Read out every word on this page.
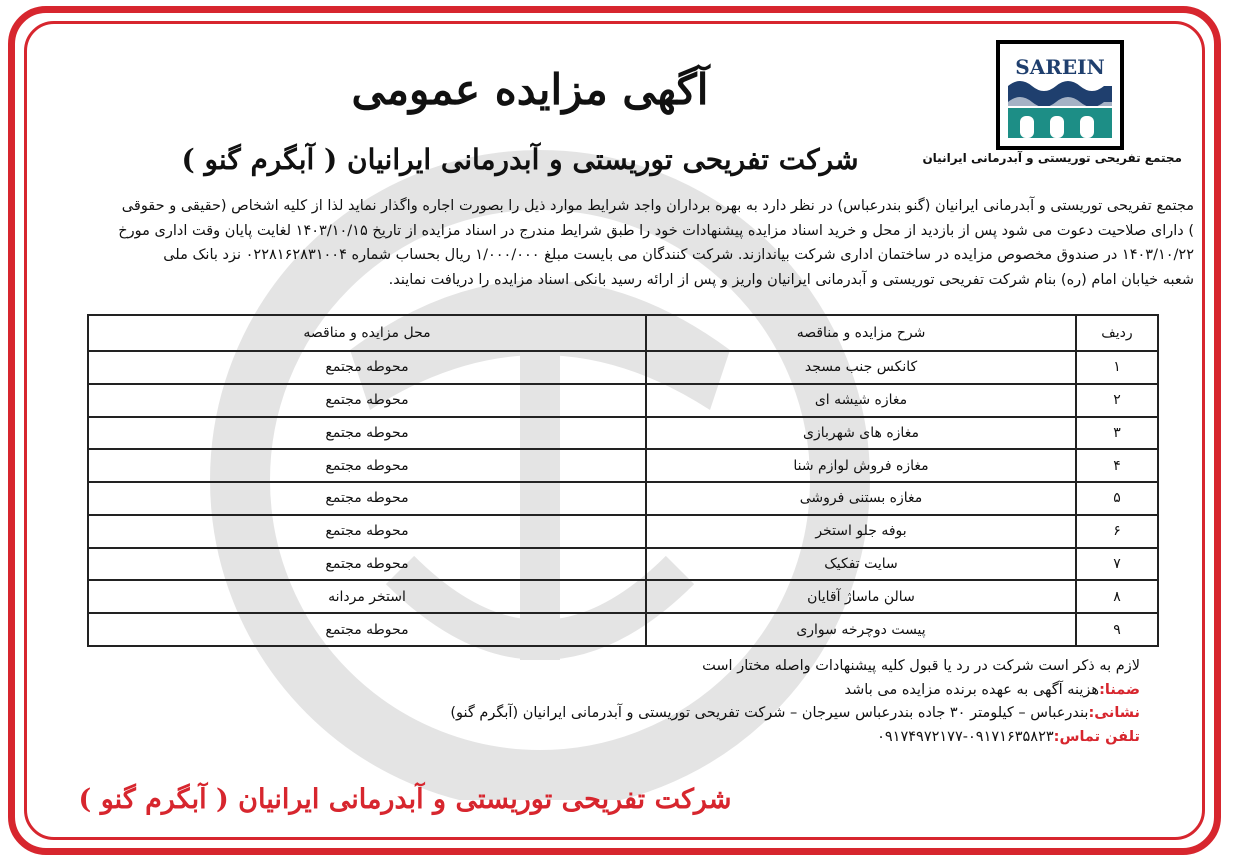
SAREIN
مجتمع تفریحی توریستی و آبدرمانی ایرانیان
آگهی مزایده عمومی
شرکت تفریحی توریستی و آبدرمانی ایرانیان ( آبگرم گنو )
مجتمع تفریحی توریستی و آبدرمانی ایرانیان (گنو بندرعباس) در نظر دارد به بهره برداران واجد شرایط موارد ذیل را بصورت اجاره واگذار نماید لذا از کلیه اشخاص (حقیقی و حقوقی
) دارای صلاحیت دعوت می شود پس از بازدید از محل و خرید اسناد مزایده پیشنهادات خود را طبق شرایط مندرج در اسناد مزایده از تاریخ ۱۴۰۳/۱۰/۱۵ لغایت پایان وقت اداری مورخ
۱۴۰۳/۱۰/۲۲ در صندوق مخصوص مزایده در ساختمان اداری شرکت بیاندازند. شرکت کنندگان می بایست مبلغ ۱/۰۰۰/۰۰۰ ریال بحساب شماره ۰۲۲۸۱۶۲۸۳۱۰۰۴ نزد بانک ملی
شعبه خیابان امام (ره) بنام شرکت تفریحی توریستی و آبدرمانی ایرانیان واریز و پس از ارائه رسید بانکی اسناد مزایده را دریافت نمایند.
ردیف	شرح مزایده و مناقصه	محل مزایده و مناقصه
۱	کانکس جنب مسجد	محوطه مجتمع
۲	مغازه شیشه ای	محوطه مجتمع
۳	مغازه های شهربازی	محوطه مجتمع
۴	مغازه فروش لوازم شنا	محوطه مجتمع
۵	مغازه بستنی فروشی	محوطه مجتمع
۶	بوفه جلو استخر	محوطه مجتمع
۷	سایت تفکیک	محوطه مجتمع
۸	سالن ماساژ آقایان	استخر مردانه
۹	پیست دوچرخه سواری	محوطه مجتمع
لازم به ذکر است شرکت در رد یا قبول کلیه پیشنهادات واصله مختار است
ضمنا:هزینه آگهی به عهده برنده مزایده می باشد
نشانی:بندرعباس – کیلومتر ۳۰ جاده بندرعباس سیرجان – شرکت تفریحی توریستی و آبدرمانی ایرانیان (آبگرم گنو)
تلفن تماس:۰۹۱۷۱۶۳۵۸۲۳-۰۹۱۷۴۹۷۲۱۷۷
شرکت تفریحی توریستی و آبدرمانی ایرانیان ( آبگرم گنو )
